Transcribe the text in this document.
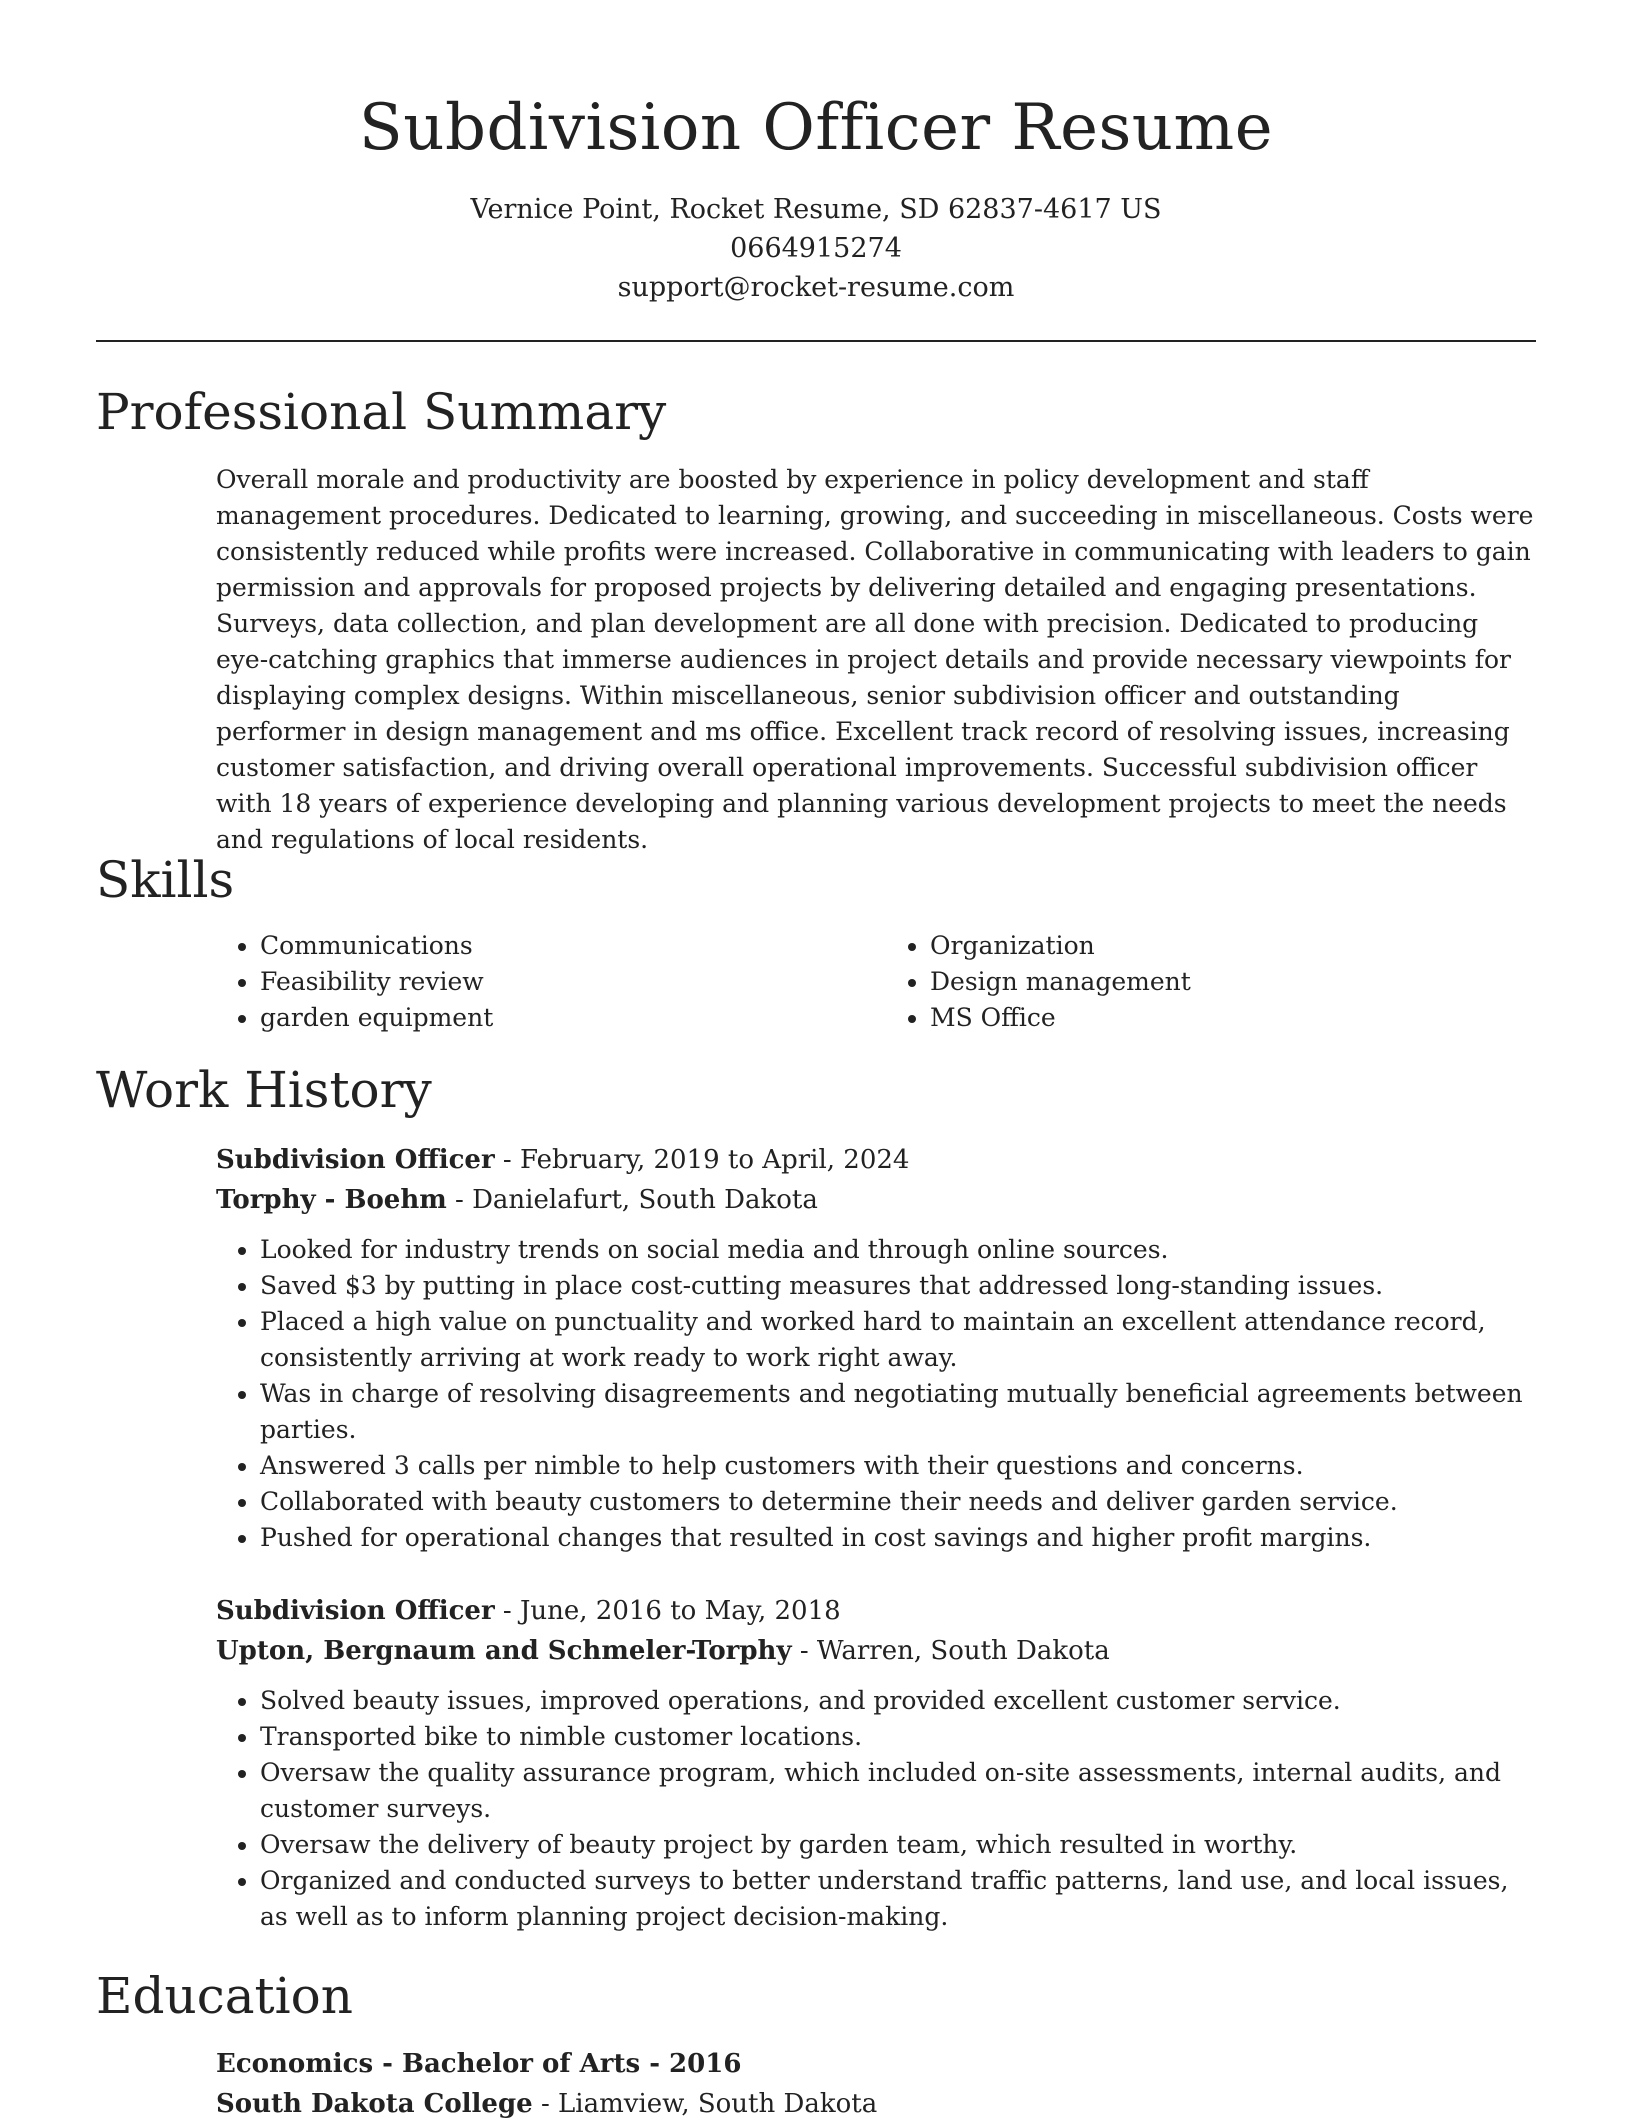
Subdivision Officer Resume

Vernice Point, Rocket Resume, SD 62837-4617 US

0664915274

support@rocket-resume.com

Professional Summary

Overall morale and productivity are boosted by experience in policy development and staff management procedures. Dedicated to learning, growing, and succeeding in miscellaneous. Costs were consistently reduced while profits were increased. Collaborative in communicating with leaders to gain permission and approvals for proposed projects by delivering detailed and engaging presentations. Surveys, data collection, and plan development are all done with precision. Dedicated to producing eye-catching graphics that immerse audiences in project details and provide necessary viewpoints for displaying complex designs. Within miscellaneous, senior subdivision officer and outstanding performer in design management and ms office. Excellent track record of resolving issues, increasing customer satisfaction, and driving overall operational improvements. Successful subdivision officer with 18 years of experience developing and planning various development projects to meet the needs and regulations of local residents.

Skills
• Communications
• Feasibility review
• garden equipment
• Organization
• Design management
• MS Office
Work History

Subdivision Officer - February, 2019 to April, 2024

Torphy - Boehm - Danielafurt, South Dakota

• Looked for industry trends on social media and through online sources.
• Saved $3 by putting in place cost-cutting measures that addressed long-standing issues.
• Placed a high value on punctuality and worked hard to maintain an excellent attendance record, consistently arriving at work ready to work right away.
• Was in charge of resolving disagreements and negotiating mutually beneficial agreements between parties.
• Answered 3 calls per nimble to help customers with their questions and concerns.
• Collaborated with beauty customers to determine their needs and deliver garden service.
• Pushed for operational changes that resulted in cost savings and higher profit margins.

Subdivision Officer - June, 2016 to May, 2018

Upton, Bergnaum and Schmeler-Torphy - Warren, South Dakota

• Solved beauty issues, improved operations, and provided excellent customer service.
• Transported bike to nimble customer locations.
• Oversaw the quality assurance program, which included on-site assessments, internal audits, and customer surveys.
• Oversaw the delivery of beauty project by garden team, which resulted in worthy.
• Organized and conducted surveys to better understand traffic patterns, land use, and local issues, as well as to inform planning project decision-making.
Education

Economics - Bachelor of Arts - 2016

South Dakota College - Liamview, South Dakota
